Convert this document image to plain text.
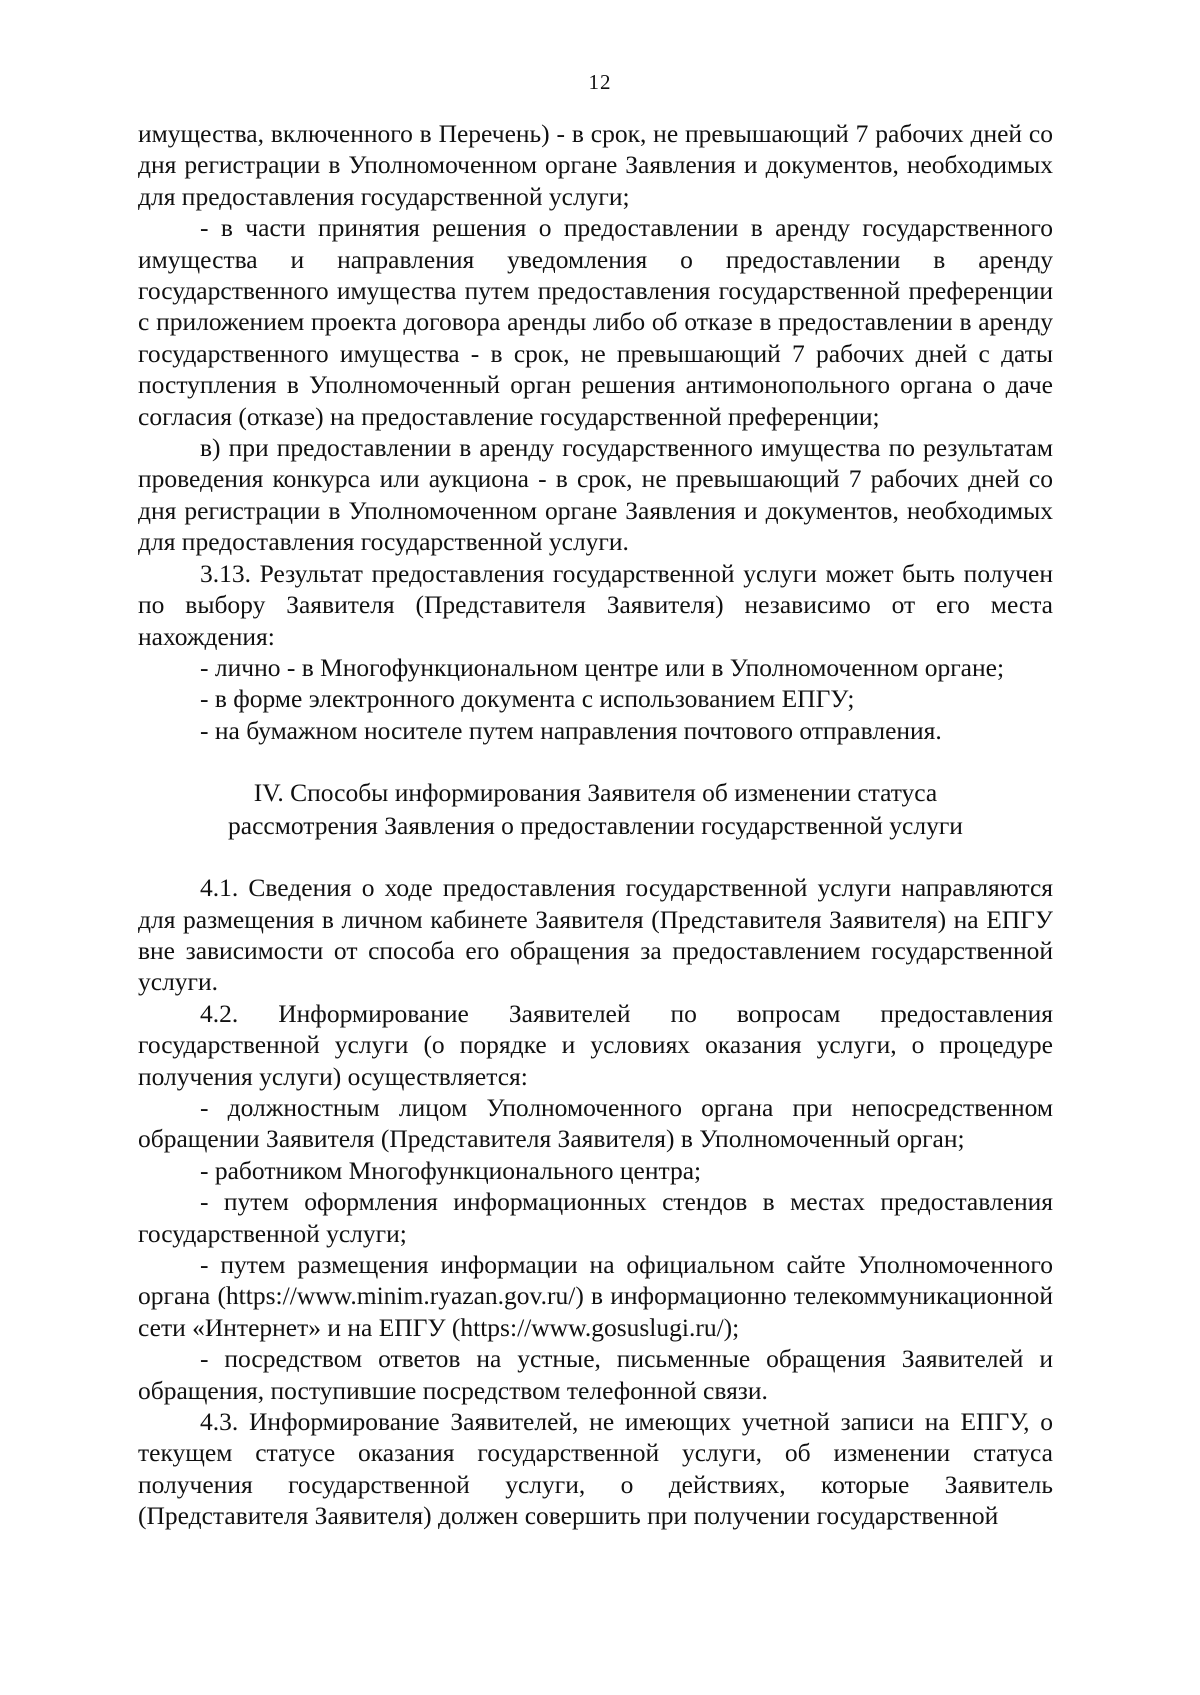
12

имущества, включенного в Перечень) - в срок, не превышающий 7 рабочих дней со дня регистрации в Уполномоченном органе Заявления и документов, необходимых для предоставления государственной услуги;

- в части принятия решения о предоставлении в аренду государственного имущества и направления уведомления о предоставлении в аренду государственного имущества путем предоставления государственной преференции с приложением проекта договора аренды либо об отказе в предоставлении в аренду государственного имущества - в срок, не превышающий 7 рабочих дней с даты поступления в Уполномоченный орган решения антимонопольного органа о даче согласия (отказе) на предоставление государственной преференции;

в) при предоставлении в аренду государственного имущества по результатам проведения конкурса или аукциона - в срок, не превышающий 7 рабочих дней со дня регистрации в Уполномоченном органе Заявления и документов, необходимых для предоставления государственной услуги.

3.13. Результат предоставления государственной услуги может быть получен по выбору Заявителя (Представителя Заявителя) независимо от его места нахождения:

- лично - в Многофункциональном центре или в Уполномоченном органе;

- в форме электронного документа с использованием ЕПГУ;

- на бумажном носителе путем направления почтового отправления.

IV. Способы информирования Заявителя об изменении статуса
рассмотрения Заявления о предоставлении государственной услуги

4.1. Сведения о ходе предоставления государственной услуги направляются для размещения в личном кабинете Заявителя (Представителя Заявителя) на ЕПГУ вне зависимости от способа его обращения за предоставлением государственной услуги.

4.2. Информирование Заявителей по вопросам предоставления государственной услуги (о порядке и условиях оказания услуги, о процедуре получения услуги) осуществляется:

- должностным лицом Уполномоченного органа при непосредственном обращении Заявителя (Представителя Заявителя) в Уполномоченный орган;

- работником Многофункционального центра;

- путем оформления информационных стендов в местах предоставления государственной услуги;

- путем размещения информации на официальном сайте Уполномоченного органа (https://www.minim.ryazan.gov.ru/) в информационно телекоммуникационной сети «Интернет» и на ЕПГУ (https://www.gosuslugi.ru/);

- посредством ответов на устные, письменные обращения Заявителей и обращения, поступившие посредством телефонной связи.

4.3. Информирование Заявителей, не имеющих учетной записи на ЕПГУ, о текущем статусе оказания государственной услуги, об изменении статуса получения государственной услуги, о действиях, которые Заявитель (Представителя Заявителя) должен совершить при получении государственной
